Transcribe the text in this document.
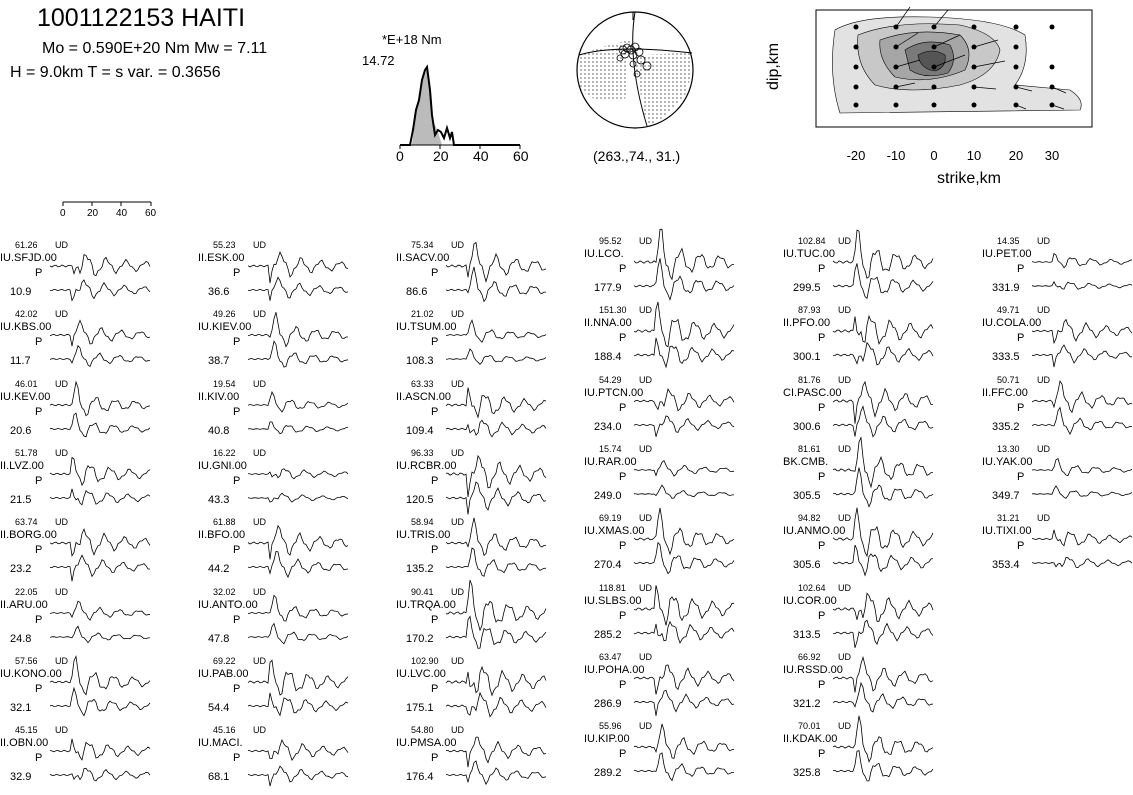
1001122153 HAITI
Mo = 0.590E+20 Nm Mw = 7.11
H = 9.0km T = s var. = 0.3656
*E+18 Nm
14.72
0 20 40 60	(263.,74., 31.)	-20 -10 0 10 20 30
dip,km
strike,km
0 20 40 60
61.26 UD
IU.SFJD.00
P
10.9
42.02 UD
IU.KBS.00
P
11.7
46.01 UD
IU.KEV.00
P
20.6
51.78 UD
II.LVZ.00
P
21.5
63.74 UD
II.BORG.00
P
23.2
22.05 UD
II.ARU.00
P
24.8
57.56 UD
IU.KONO.00
P
32.1
45.15 UD
II.OBN.00
P
32.9
55.23 UD
II.ESK.00
P
36.6
49.26 UD
IU.KIEV.00
P
38.7
19.54 UD
II.KIV.00
P
40.8
16.22 UD
IU.GNI.00
P
43.3
61.88 UD
II.BFO.00
P
44.2
32.02 UD
IU.ANTO.00
P
47.8
69.22 UD
IU.PAB.00
P
54.4
45.16 UD
IU.MACI.
P
68.1
75.34 UD
II.SACV.00
P
86.6
21.02 UD
IU.TSUM.00
P
108.3
63.33 UD
II.ASCN.00
P
109.4
96.33 UD
IU.RCBR.00
P
120.5
58.94 UD
IU.TRIS.00
P
135.2
90.41 UD
IU.TRQA.00
P
170.2
102.90 UD
IU.LVC.00
P
175.1
54.80 UD
IU.PMSA.00
P
176.4
95.52 UD
IU.LCO.
P
177.9
151.30 UD
II.NNA.00
P
188.4
54.29 UD
IU.PTCN.00
P
234.0
15.74 UD
IU.RAR.00
P
249.0
69.19 UD
IU.XMAS.00
P
270.4
118.81 UD
IU.SLBS.00
P
285.2
63.47 UD
IU.POHA.00
P
286.9
55.96 UD
IU.KIP.00
P
289.2
102.84 UD
IU.TUC.00
P
299.5
87.93 UD
II.PFO.00
P
300.1
81.76 UD
CI.PASC.00
P
300.6
81.61 UD
BK.CMB.
P
305.5
94.82 UD
IU.ANMO.00
P
305.6
102.64 UD
IU.COR.00
P
313.5
66.92 UD
IU.RSSD.00
P
321.2
70.01 UD
II.KDAK.00
P
325.8
14.35 UD
IU.PET.00
P
331.9
49.71 UD
IU.COLA.00
P
333.5
50.71 UD
II.FFC.00
P
335.2
13.30 UD
IU.YAK.00
P
349.7
31.21 UD
IU.TIXI.00
P
353.4
